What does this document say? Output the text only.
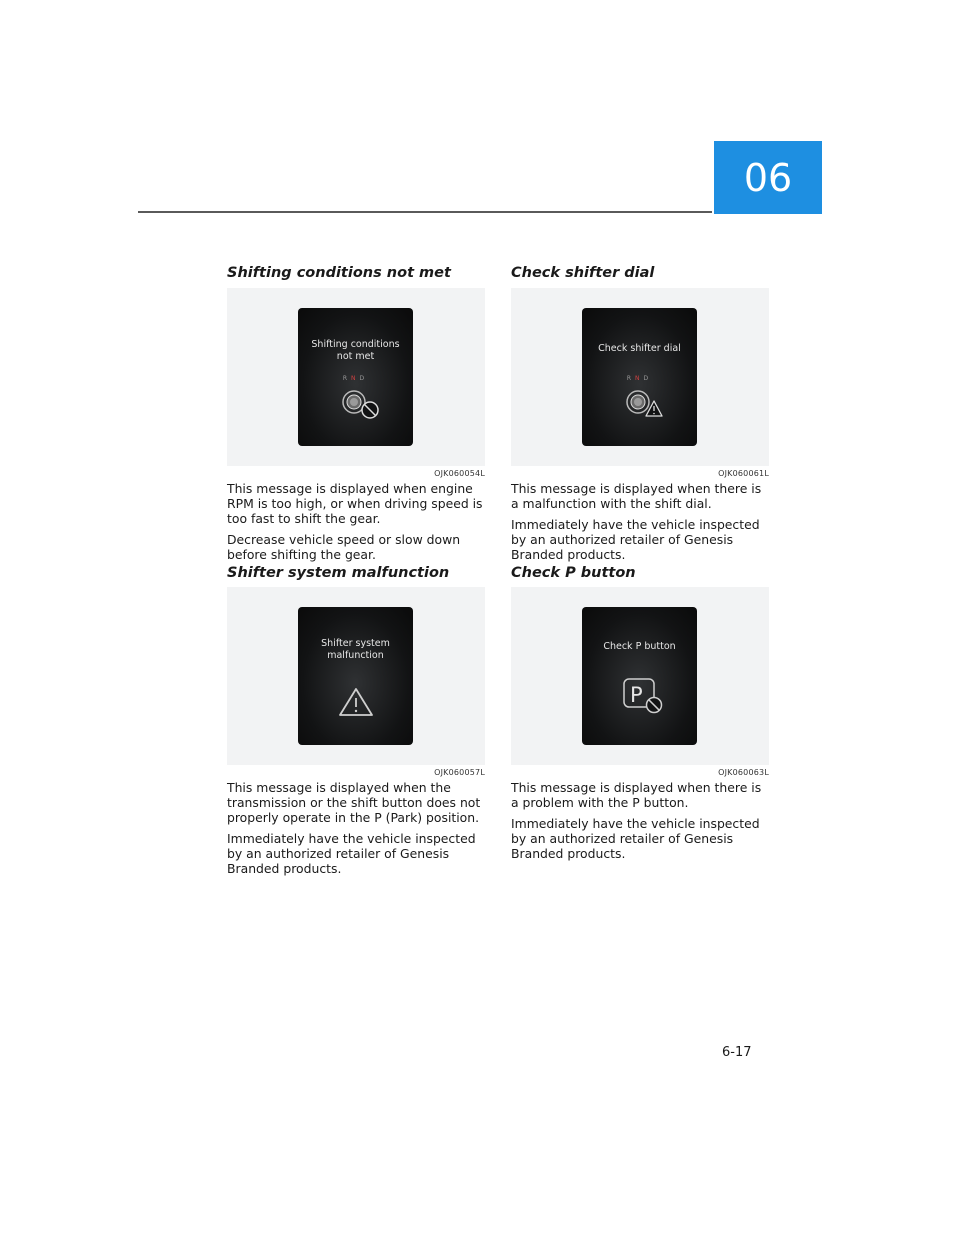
06
Shifting conditions not met
Shifting conditions
not met
RND
OJK060054L

This message is displayed when engine
RPM is too high, or when driving speed is
too fast to shift the gear.

Decrease vehicle speed or slow down
before shifting the gear.

Shifter system malfunction
Shifter system
malfunction
OJK060057L

This message is displayed when the
transmission or the shift button does not
properly operate in the P (Park) position.

Immediately have the vehicle inspected
by an authorized retailer of Genesis
Branded products.

Check shifter dial
Check shifter dial
RND
OJK060061L

This message is displayed when there is
a malfunction with the shift dial.

Immediately have the vehicle inspected
by an authorized retailer of Genesis
Branded products.

Check P button
Check P button
P
OJK060063L

This message is displayed when there is
a problem with the P button.

Immediately have the vehicle inspected
by an authorized retailer of Genesis
Branded products.

6-17
